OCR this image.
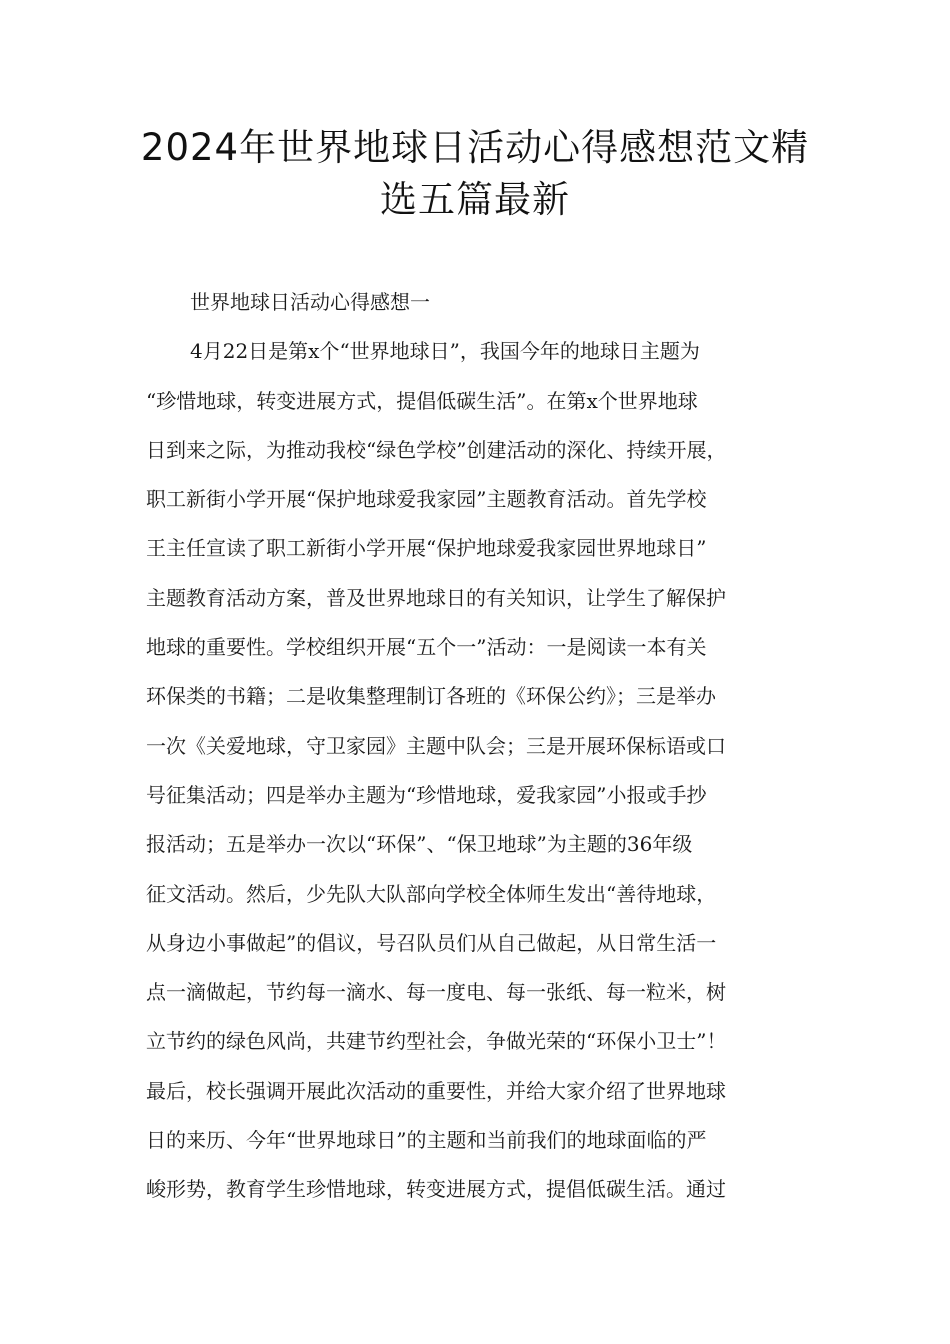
2024年世界地球日活动心得感想范文精
选五篇最新
世界地球日活动心得感想一
4月22日是第x个“世界地球日”，我国今年的地球日主题为
“珍惜地球，转变进展方式，提倡低碳生活”。在第x个世界地球
日到来之际，为推动我校“绿色学校”创建活动的深化、持续开展，
职工新街小学开展“保护地球爱我家园”主题教育活动。首先学校
王主任宣读了职工新街小学开展“保护地球爱我家园世界地球日”
主题教育活动方案，普及世界地球日的有关知识，让学生了解保护
地球的重要性。学校组织开展“五个一”活动：一是阅读一本有关
环保类的书籍；二是收集整理制订各班的《环保公约》；三是举办
一次《关爱地球，守卫家园》主题中队会；三是开展环保标语或口
号征集活动；四是举办主题为“珍惜地球，爱我家园”小报或手抄
报活动；五是举办一次以“环保”、“保卫地球”为主题的36年级
征文活动。然后，少先队大队部向学校全体师生发出“善待地球，
从身边小事做起”的倡议，号召队员们从自己做起，从日常生活一
点一滴做起，节约每一滴水、每一度电、每一张纸、每一粒米，树
立节约的绿色风尚，共建节约型社会，争做光荣的“环保小卫士”！
最后，校长强调开展此次活动的重要性，并给大家介绍了世界地球
日的来历、今年“世界地球日”的主题和当前我们的地球面临的严
峻形势，教育学生珍惜地球，转变进展方式，提倡低碳生活。通过
